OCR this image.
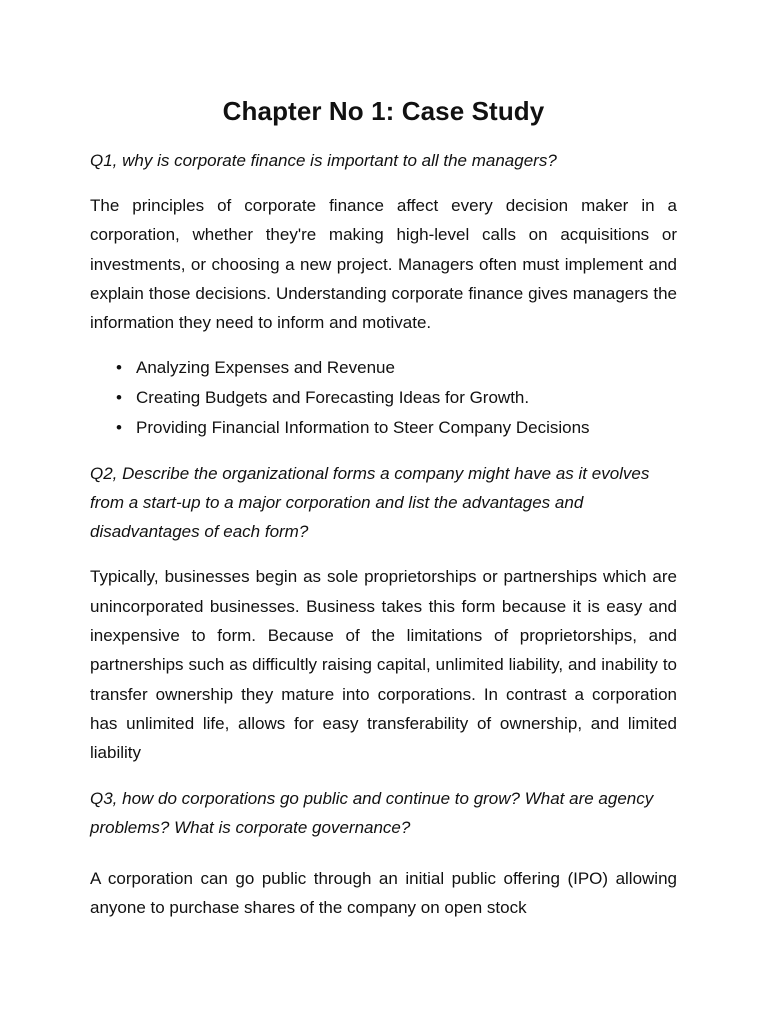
Chapter No 1: Case Study

Q1, why is corporate finance is important to all the managers?

The principles of corporate finance affect every decision maker in a corporation, whether they're making high-level calls on acquisitions or investments, or choosing a new project. Managers often must implement and explain those decisions. Understanding corporate finance gives managers the information they need to inform and motivate.

• Analyzing Expenses and Revenue
• Creating Budgets and Forecasting Ideas for Growth.
• Providing Financial Information to Steer Company Decisions

Q2, Describe the organizational forms a company might have as it evolves from a start-up to a major corporation and list the advantages and disadvantages of each form?

Typically, businesses begin as sole proprietorships or partnerships which are unincorporated businesses. Business takes this form because it is easy and inexpensive to form. Because of the limitations of proprietorships, and partnerships such as difficultly raising capital, unlimited liability, and inability to transfer ownership they mature into corporations. In contrast a corporation has unlimited life, allows for easy transferability of ownership, and limited liability

Q3, how do corporations go public and continue to grow? What are agency problems? What is corporate governance?

A corporation can go public through an initial public offering (IPO) allowing anyone to purchase shares of the company on open stock
